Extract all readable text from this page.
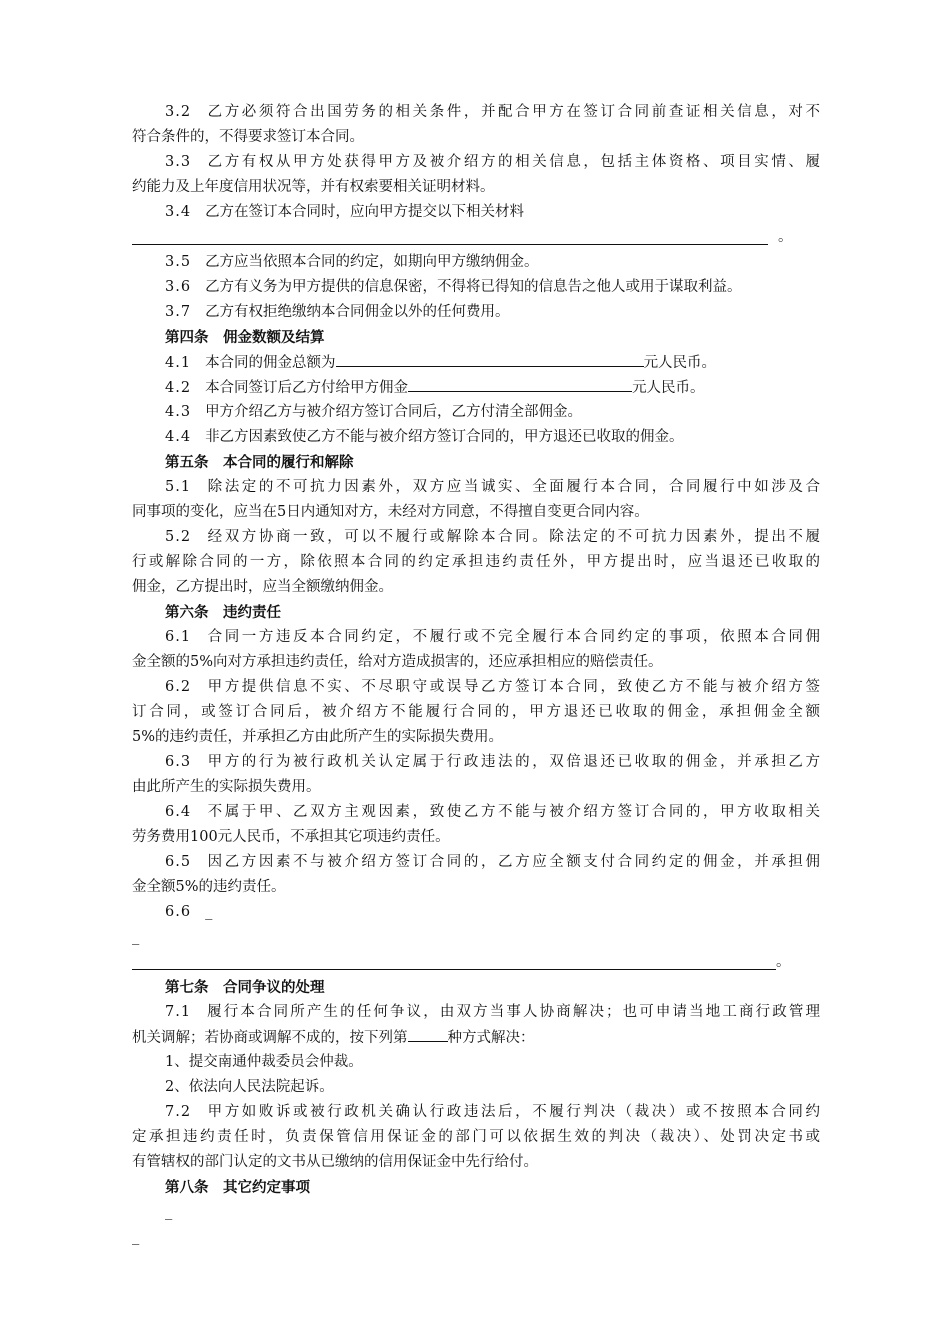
3.2 乙方必须符合出国劳务的相关条件，并配合甲方在签订合同前查证相关信息，对不
符合条件的，不得要求签订本合同。
3.3 乙方有权从甲方处获得甲方及被介绍方的相关信息，包括主体资格、项目实情、履
约能力及上年度信用状况等，并有权索要相关证明材料。
3.4 乙方在签订本合同时，应向甲方提交以下相关材料
。
3.5 乙方应当依照本合同的约定，如期向甲方缴纳佣金。
3.6 乙方有义务为甲方提供的信息保密，不得将已得知的信息告之他人或用于谋取利益。
3.7 乙方有权拒绝缴纳本合同佣金以外的任何费用。
第四条　佣金数额及结算
4.1 本合同的佣金总额为	元人民币。
4.2 本合同签订后乙方付给甲方佣金	元人民币。
4.3 甲方介绍乙方与被介绍方签订合同后，乙方付清全部佣金。
4.4 非乙方因素致使乙方不能与被介绍方签订合同的，甲方退还已收取的佣金。
第五条　本合同的履行和解除
5.1 除法定的不可抗力因素外，双方应当诚实、全面履行本合同，合同履行中如涉及合
同事项的变化，应当在5日内通知对方，未经对方同意，不得擅自变更合同内容。
5.2 经双方协商一致，可以不履行或解除本合同。除法定的不可抗力因素外，提出不履
行或解除合同的一方，除依照本合同的约定承担违约责任外，甲方提出时，应当退还已收取的
佣金，乙方提出时，应当全额缴纳佣金。
第六条　违约责任
6.1 合同一方违反本合同约定，不履行或不完全履行本合同约定的事项，依照本合同佣
金全额的5%向对方承担违约责任，给对方造成损害的，还应承担相应的赔偿责任。
6.2 甲方提供信息不实、不尽职守或误导乙方签订本合同，致使乙方不能与被介绍方签
订合同，或签订合同后，被介绍方不能履行合同的，甲方退还已收取的佣金，承担佣金全额
5%的违约责任，并承担乙方由此所产生的实际损失费用。
6.3 甲方的行为被行政机关认定属于行政违法的，双倍退还已收取的佣金，并承担乙方
由此所产生的实际损失费用。
6.4 不属于甲、乙双方主观因素，致使乙方不能与被介绍方签订合同的，甲方收取相关
劳务费用100元人民币，不承担其它项违约责任。
6.5 因乙方因素不与被介绍方签订合同的，乙方应全额支付合同约定的佣金，并承担佣
金全额5%的违约责任。
6.6 _
_
。
第七条　合同争议的处理
7.1 履行本合同所产生的任何争议，由双方当事人协商解决；也可申请当地工商行政管理
机关调解；若协商或调解不成的，按下列第	种方式解决：
1、提交南通仲裁委员会仲裁。
2、依法向人民法院起诉。
7.2 甲方如败诉或被行政机关确认行政违法后，不履行判决（裁决）或不按照本合同约
定承担违约责任时，负责保管信用保证金的部门可以依据生效的判决（裁决）、处罚决定书或
有管辖权的部门认定的文书从已缴纳的信用保证金中先行给付。
第八条　其它约定事项
_
_
